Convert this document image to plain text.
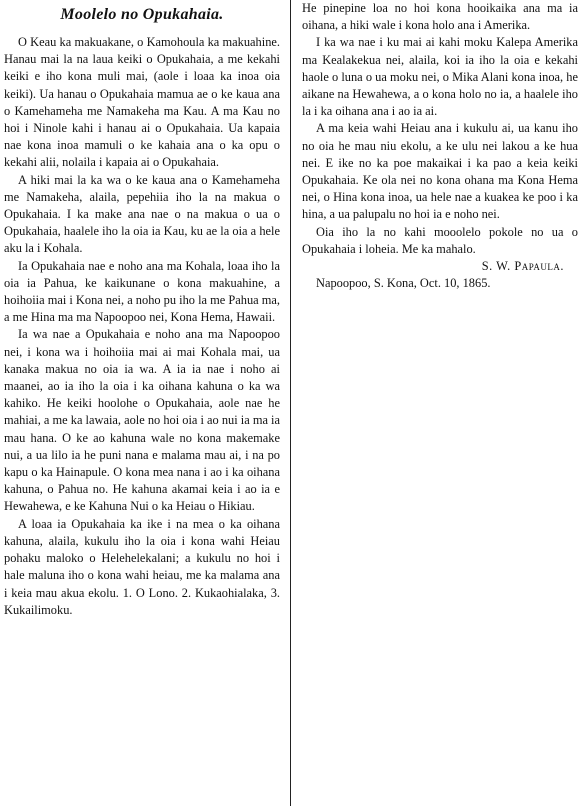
Moolelo no Opukahaia.

O Keau ka makuakane, o Kamohoula ka makuahine. Hanau mai la na laua keiki o Opukahaia, a me kekahi keiki e iho kona muli mai, (aole i loaa ka inoa oia keiki). Ua hanau o Opukahaia mamua ae o ke kaua ana o Kamehameha me Namakeha ma Kau. A ma Kau no hoi i Ninole kahi i hanau ai o Opukahaia. Ua kapaia nae kona inoa mamuli o ke kahaia ana o ka opu o kekahi alii, nolaila i kapaia ai o Opukahaia.

A hiki mai la ka wa o ke kaua ana o Kamehameha me Namakeha, alaila, pepehiia iho la na makua o Opukahaia. I ka make ana nae o na makua o ua o Opukahaia, haalele iho la oia ia Kau, ku ae la oia a hele aku la i Kohala.

Ia Opukahaia nae e noho ana ma Kohala, loaa iho la oia ia Pahua, ke kaikunane o kona makuahine, a hoihoiia mai i Kona nei, a noho pu iho la me Pahua ma, a me Hina ma ma Napoopoo nei, Kona Hema, Hawaii.

Ia wa nae a Opukahaia e noho ana ma Napoopoo nei, i kona wa i hoihoiia mai ai mai Kohala mai, ua kanaka makua no oia ia wa. A ia ia nae i noho ai maanei, ao ia iho la oia i ka oihana kahuna o ka wa kahiko. He keiki hoolohe o Opukahaia, aole nae he mahiai, a me ka lawaia, aole no hoi oia i ao nui ia ma ia mau hana. O ke ao kahuna wale no kona makemake nui, a ua lilo ia he puni nana e malama mau ai, i na po kapu o ka Hainapule. O kona mea nana i ao i ka oihana kahuna, o Pahua no. He kahuna akamai keia i ao ia e Hewahewa, e ke Kahuna Nui o ka Heiau o Hikiau.

A loaa ia Opukahaia ka ike i na mea o ka oihana kahuna, alaila, kukulu iho la oia i kona wahi Heiau pohaku maloko o Helehelekalani; a kukulu no hoi i hale maluna iho o kona wahi heiau, me ka malama ana i keia mau akua ekolu. 1. O Lono. 2. Kukaohialaka, 3. Kukailimoku.

He pinepine loa no hoi kona hooikaika ana ma ia oihana, a hiki wale i kona holo ana i Amerika.

I ka wa nae i ku mai ai kahi moku Kalepa Amerika ma Kealakekua nei, alaila, koi ia iho la oia e kekahi haole o luna o ua moku nei, o Mika Alani kona inoa, he aikane na Hewahewa, a o kona holo no ia, a haalele iho la i ka oihana ana i ao ia ai.

A ma keia wahi Heiau ana i kukulu ai, ua kanu iho no oia he mau niu ekolu, a ke ulu nei lakou a ke hua nei. E ike no ka poe makaikai i ka pao a keia keiki Opukahaia. Ke ola nei no kona ohana ma Kona Hema nei, o Hina kona inoa, ua hele nae a kuakea ke poo i ka hina, a ua palupalu no hoi ia e noho nei.

Oia iho la no kahi mooolelo pokole no ua o Opukahaia i loheia. Me ka mahalo.

S. W. Papaula.

Napoopoo, S. Kona, Oct. 10, 1865.
